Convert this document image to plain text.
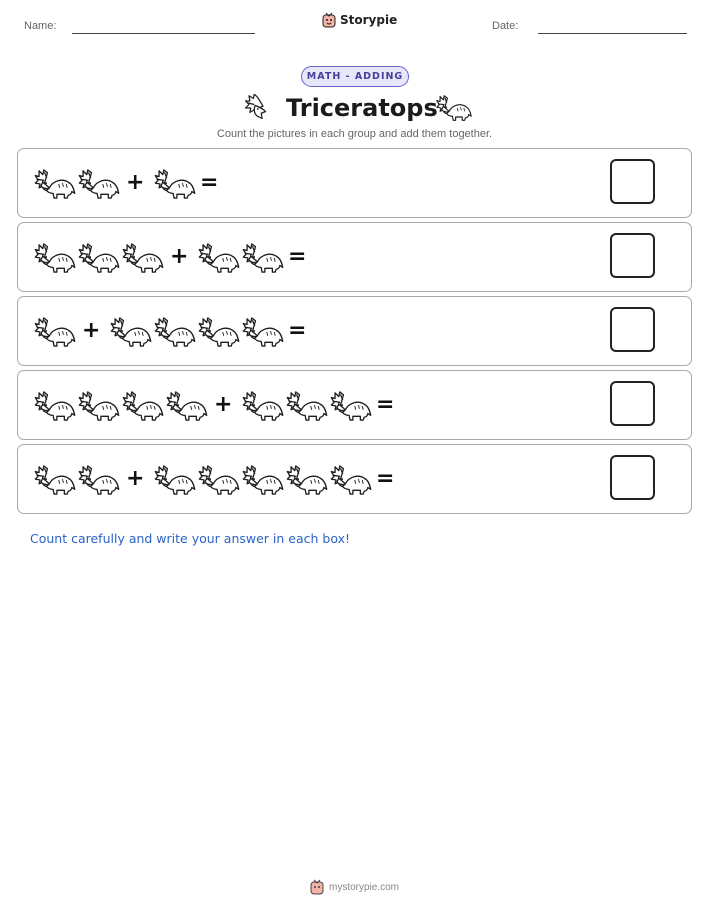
Name:	Storypie	Date:
MATH - ADDING
Triceratops
Count the pictures in each group and add them together.
+	=
+	=
+	=
+	=
+	=
Count carefully and write your answer in each box!
mystorypie.com
